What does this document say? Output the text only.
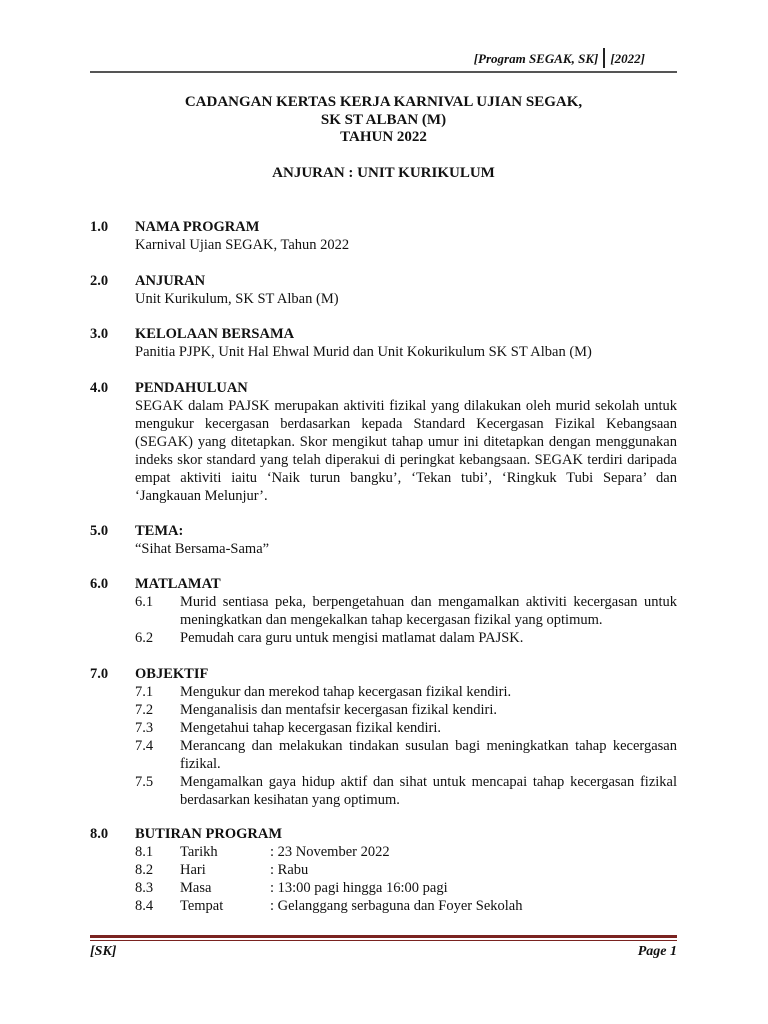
[Program SEGAK, SK] [2022]
CADANGAN KERTAS KERJA KARNIVAL UJIAN SEGAK,
SK ST ALBAN (M)
TAHUN 2022
ANJURAN : UNIT KURIKULUM
1.0 NAMA PROGRAM
Karnival Ujian SEGAK, Tahun 2022
2.0 ANJURAN
Unit Kurikulum, SK ST Alban (M)
3.0 KELOLAAN BERSAMA
Panitia PJPK, Unit Hal Ehwal Murid dan Unit Kokurikulum SK ST Alban (M)
4.0 PENDAHULUAN
SEGAK dalam PAJSK merupakan aktiviti fizikal yang dilakukan oleh murid sekolah untuk mengukur kecergasan berdasarkan kepada Standard Kecergasan Fizikal Kebangsaan (SEGAK) yang ditetapkan. Skor mengikut tahap umur ini ditetapkan dengan menggunakan indeks skor standard yang telah diperakui di peringkat kebangsaan. SEGAK terdiri daripada empat aktiviti iaitu ‘Naik turun bangku’, ‘Tekan tubi’, ‘Ringkuk Tubi Separa’ dan ‘Jangkauan Melunjur’.
5.0 TEMA:
“Sihat Bersama-Sama”
6.0 MATLAMAT
6.1 Murid sentiasa peka, berpengetahuan dan mengamalkan aktiviti kecergasan untuk meningkatkan dan mengekalkan tahap kecergasan fizikal yang optimum.
6.2 Pemudah cara guru untuk mengisi matlamat dalam PAJSK.
7.0 OBJEKTIF
7.1 Mengukur dan merekod tahap kecergasan fizikal kendiri.
7.2 Menganalisis dan mentafsir kecergasan fizikal kendiri.
7.3 Mengetahui tahap kecergasan fizikal kendiri.
7.4 Merancang dan melakukan tindakan susulan bagi meningkatkan tahap kecergasan fizikal.
7.5 Mengamalkan gaya hidup aktif dan sihat untuk mencapai tahap kecergasan fizikal berdasarkan kesihatan yang optimum.
8.0 BUTIRAN PROGRAM
8.1 Tarikh	: 23 November 2022
8.2 Hari	: Rabu
8.3 Masa	: 13:00 pagi hingga 16:00 pagi
8.4 Tempat	: Gelanggang serbaguna dan Foyer Sekolah
[SK]	Page 1
